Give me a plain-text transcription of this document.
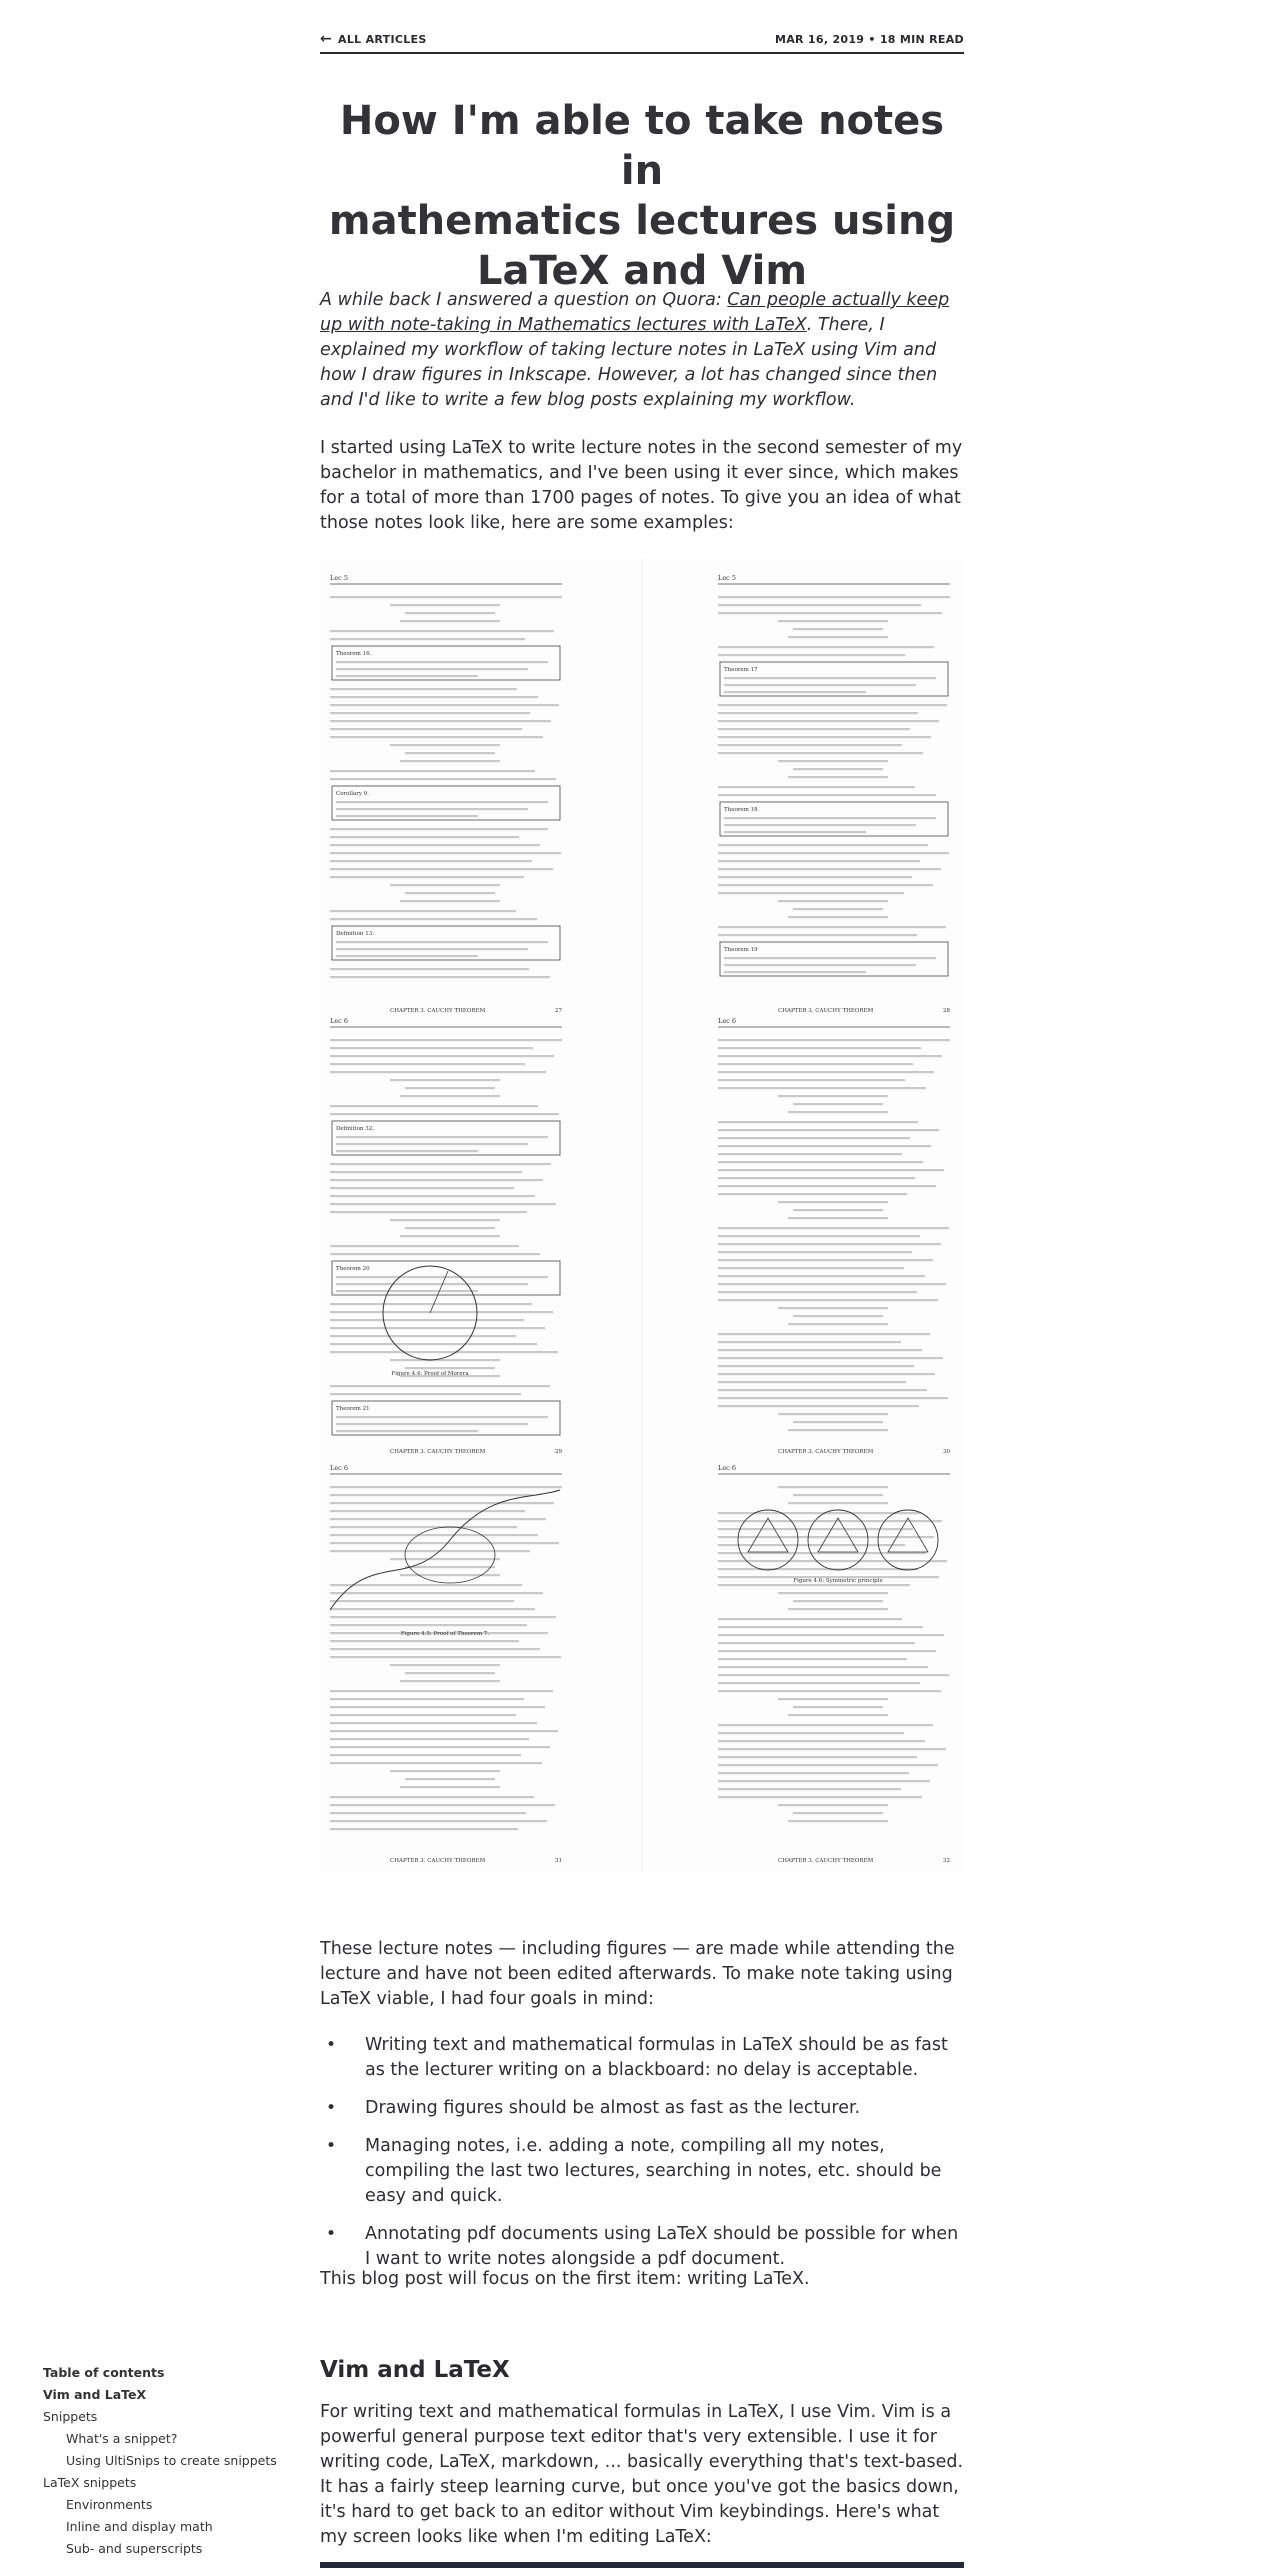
← ALL ARTICLES	MAR 16, 2019 • 18 MIN READ
How I'm able to take notes in
mathematics lectures using
LaTeX and Vim

A while back I answered a question on Quora: Can people actually keep up with note-taking in Mathematics lectures with LaTeX. There, I explained my workflow of taking lecture notes in LaTeX using Vim and how I draw figures in Inkscape. However, a lot has changed since then and I'd like to write a few blog posts explaining my workflow.

I started using LaTeX to write lecture notes in the second semester of my bachelor in mathematics, and I've been using it ever since, which makes for a total of more than 1700 pages of notes. To give you an idea of what those notes look like, here are some examples:

Lec 5
Theorem 16.
Corollary 9.
Definition 13.
CHAPTER 3. CAUCHY THEOREM	27
Lec 5
Theorem 17
Theorem 18
Theorem 19
CHAPTER 3. CAUCHY THEOREM	28
Lec 6
Definition 32.
Theorem 20
Theorem 21
Figure 4.4: Proof of Morera
CHAPTER 3. CAUCHY THEOREM	29
Lec 6
CHAPTER 3. CAUCHY THEOREM	30
Lec 6
Figure 4.5: Proof of Theorem 7.
CHAPTER 3. CAUCHY THEOREM	31
Lec 6
Figure 4.6: Symmetric principle
CHAPTER 3. CAUCHY THEOREM	32

These lecture notes — including figures — are made while attending the lecture and have not been edited afterwards. To make note taking using LaTeX viable, I had four goals in mind:

• Writing text and mathematical formulas in LaTeX should be as fast as the lecturer writing on a blackboard: no delay is acceptable.
• Drawing figures should be almost as fast as the lecturer.
• Managing notes, i.e. adding a note, compiling all my notes, compiling the last two lectures, searching in notes, etc. should be easy and quick.
• Annotating pdf documents using LaTeX should be possible for when I want to write notes alongside a pdf document.

This blog post will focus on the first item: writing LaTeX.

Vim and LaTeX

For writing text and mathematical formulas in LaTeX, I use Vim. Vim is a powerful general purpose text editor that's very extensible. I use it for writing code, LaTeX, markdown, ... basically everything that's text-based. It has a fairly steep learning curve, but once you've got the basics down, it's hard to get back to an editor without Vim keybindings. Here's what my screen looks like when I'm editing LaTeX:

Table of contents
Vim and LaTeX
Snippets
What's a snippet?
Using UltiSnips to create snippets
LaTeX snippets
Environments
Inline and display math
Sub- and superscripts
